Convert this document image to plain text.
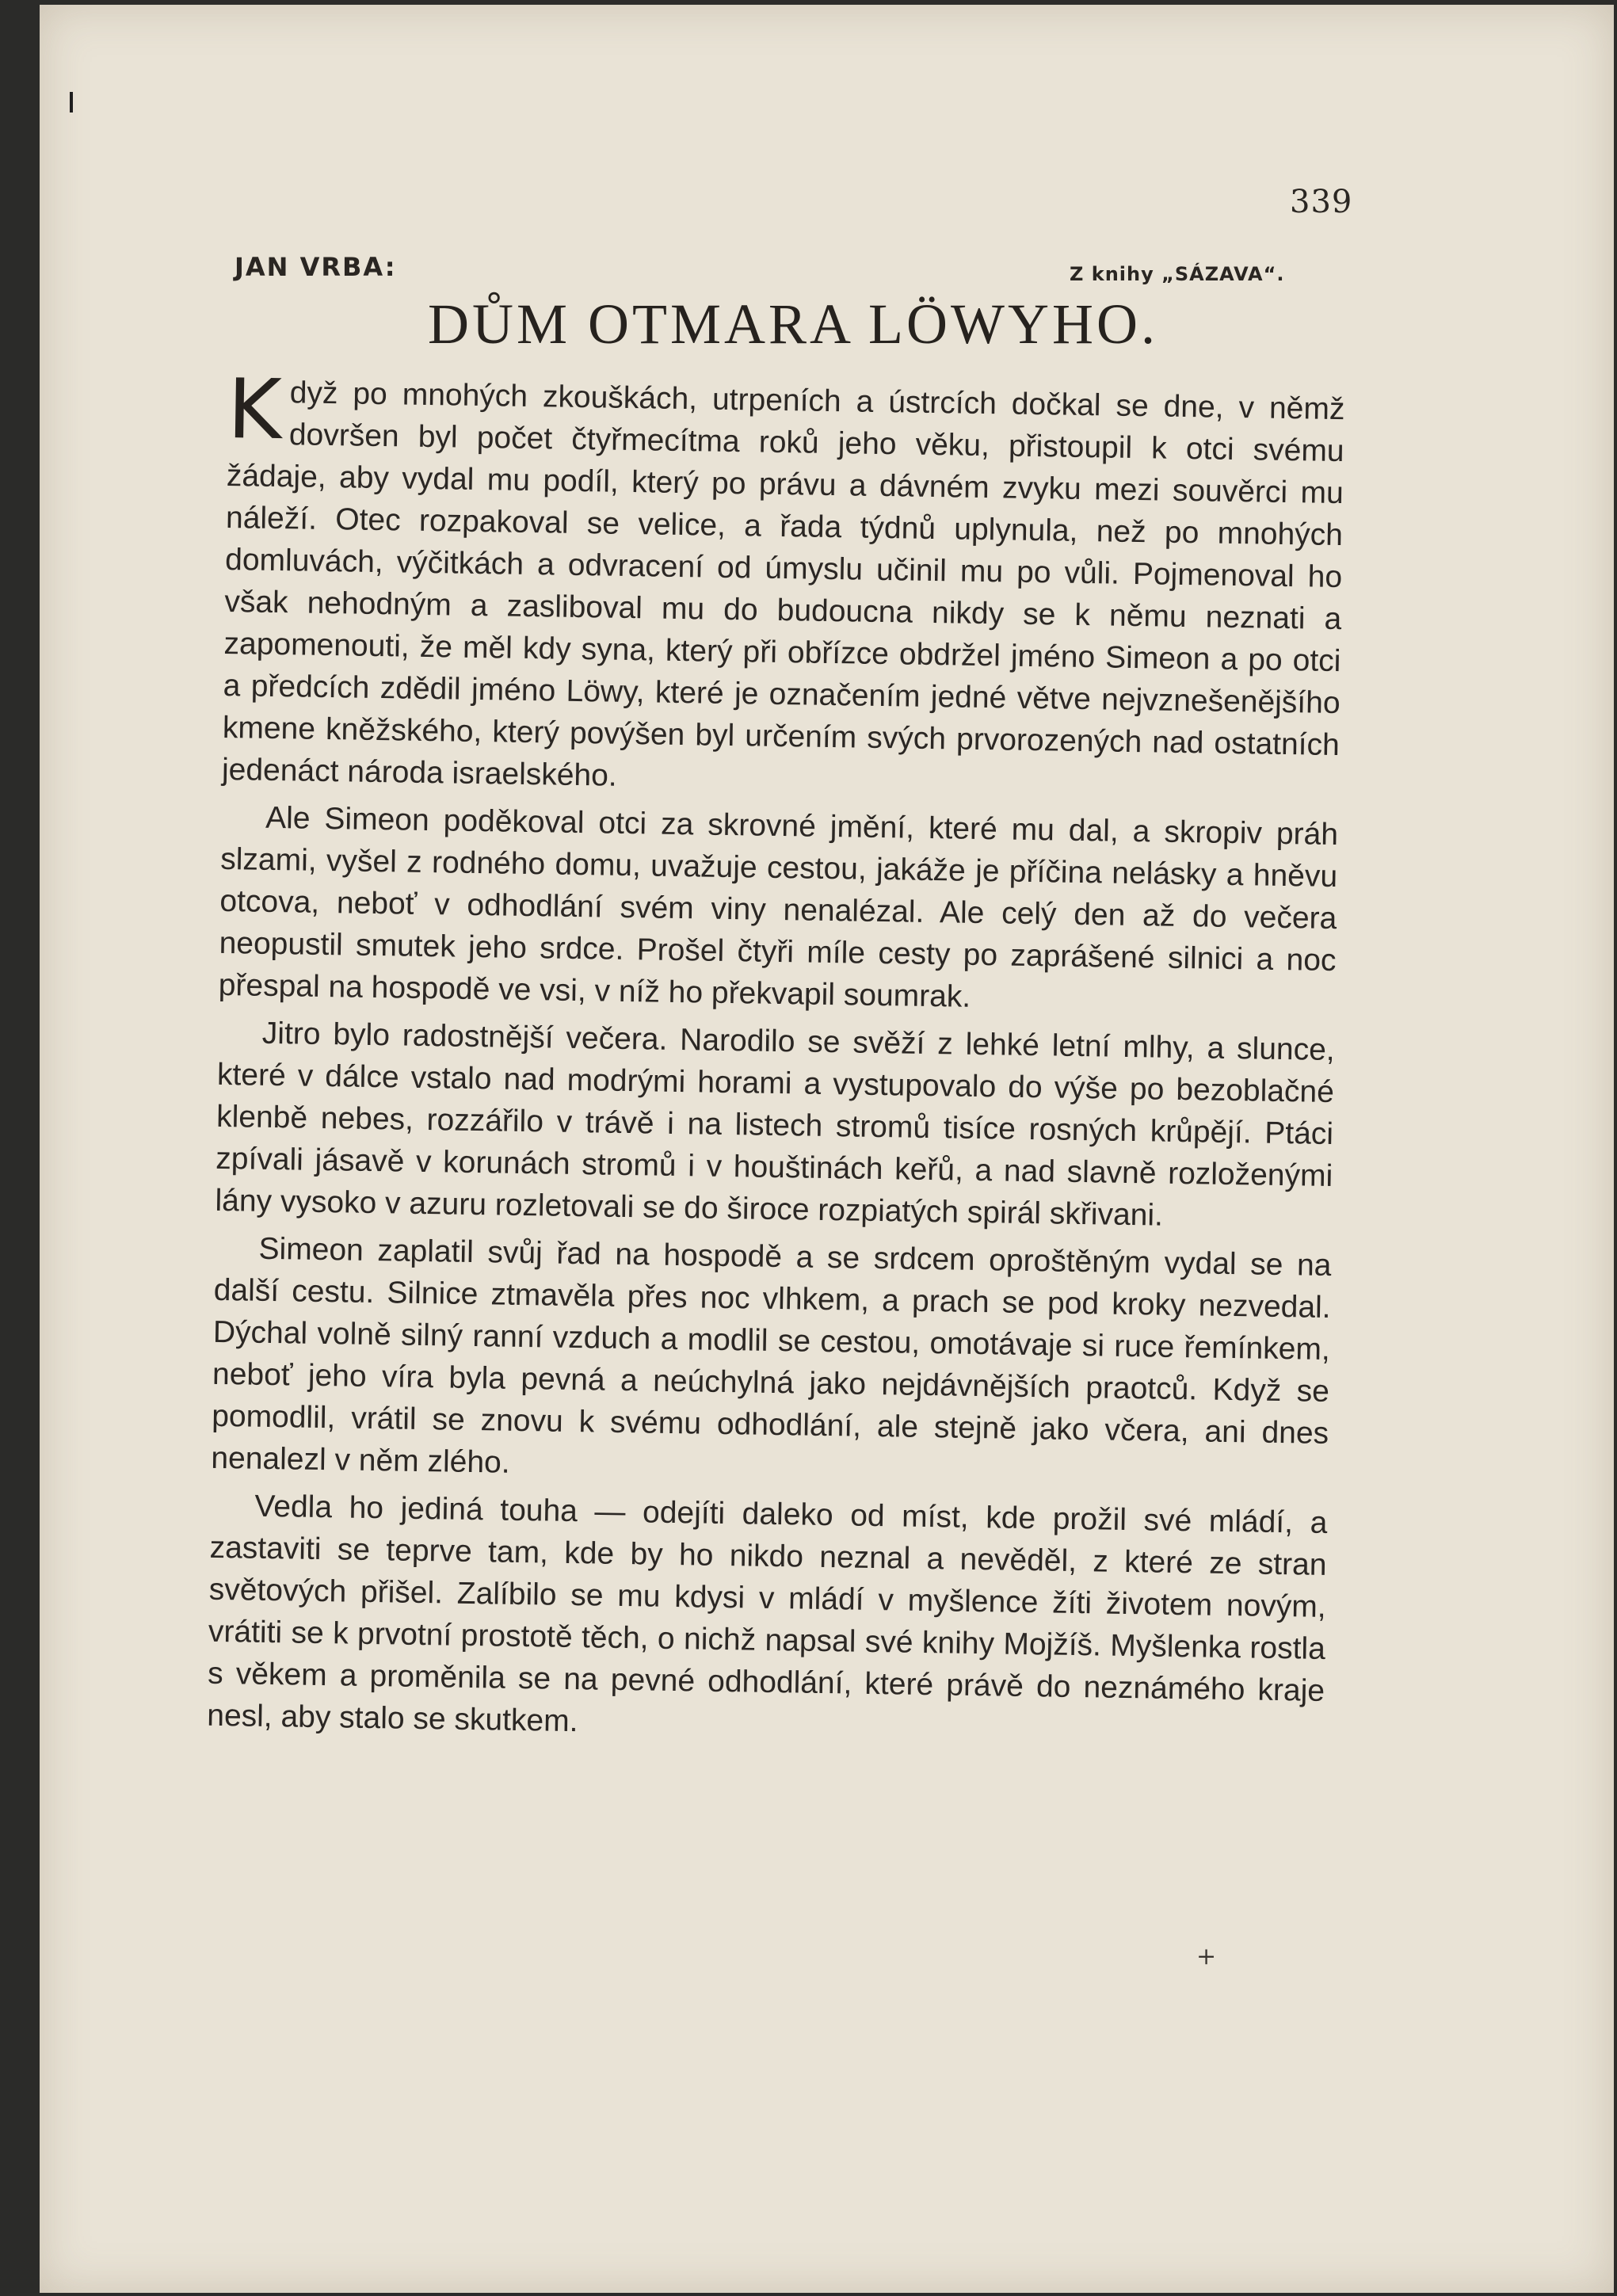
339
JAN VRBA:	Z knihy „SÁZAVA“.
DŮM OTMARA LÖWYHO.

Když po mnohých zkouškách, utrpeních a ústrcích dočkal se dne, v němž dovršen byl počet čtyřmecítma roků jeho věku, přistoupil k otci svému žádaje, aby vydal mu podíl, který po právu a dávném zvyku mezi souvěrci mu náleží. Otec rozpakoval se velice, a řada týdnů uplynula, než po mnohých domluvách, výčitkách a odvracení od úmyslu učinil mu po vůli. Pojmenoval ho však nehodným a zasliboval mu do budoucna nikdy se k němu neznati a zapomenouti, že měl kdy syna, který při obřízce obdržel jméno Simeon a po otci a předcích zdědil jméno Löwy, které je označením jedné větve nejvznešenějšího kmene kněžského, který povýšen byl určením svých prvorozených nad ostatních jedenáct národa israelského.

Ale Simeon poděkoval otci za skrovné jmění, které mu dal, a skropiv práh slzami, vyšel z rodného domu, uvažuje cestou, jakáže je příčina nelásky a hněvu otcova, neboť v odhodlání svém viny nenalézal. Ale celý den až do večera neopustil smutek jeho srdce. Prošel čtyři míle cesty po zaprášené silnici a noc přespal na hospodě ve vsi, v níž ho překvapil soumrak.

Jitro bylo radostnější večera. Narodilo se svěží z lehké letní mlhy, a slunce, které v dálce vstalo nad modrými horami a vystupovalo do výše po bezoblačné klenbě nebes, rozzářilo v trávě i na listech stromů tisíce rosných krůpějí. Ptáci zpívali jásavě v korunách stromů i v houštinách keřů, a nad slavně rozloženými lány vysoko v azuru rozletovali se do široce rozpiatých spirál skřivani.

Simeon zaplatil svůj řad na hospodě a se srdcem oproštěným vydal se na další cestu. Silnice ztmavěla přes noc vlhkem, a prach se pod kroky nezvedal. Dýchal volně silný ranní vzduch a modlil se cestou, omotávaje si ruce řemínkem, neboť jeho víra byla pevná a neúchylná jako nejdávnějších praotců. Když se pomodlil, vrátil se znovu k svému odhodlání, ale stejně jako včera, ani dnes nenalezl v něm zlého.

Vedla ho jediná touha — odejíti daleko od míst, kde prožil své mládí, a zastaviti se teprve tam, kde by ho nikdo neznal a nevěděl, z které ze stran světových přišel. Zalíbilo se mu kdysi v mládí v myšlence žíti životem novým, vrátiti se k prvotní prostotě těch, o nichž napsal své knihy Mojžíš. Myšlenka rostla s věkem a proměnila se na pevné odhodlání, které právě do neznámého kraje nesl, aby stalo se skutkem.

+
